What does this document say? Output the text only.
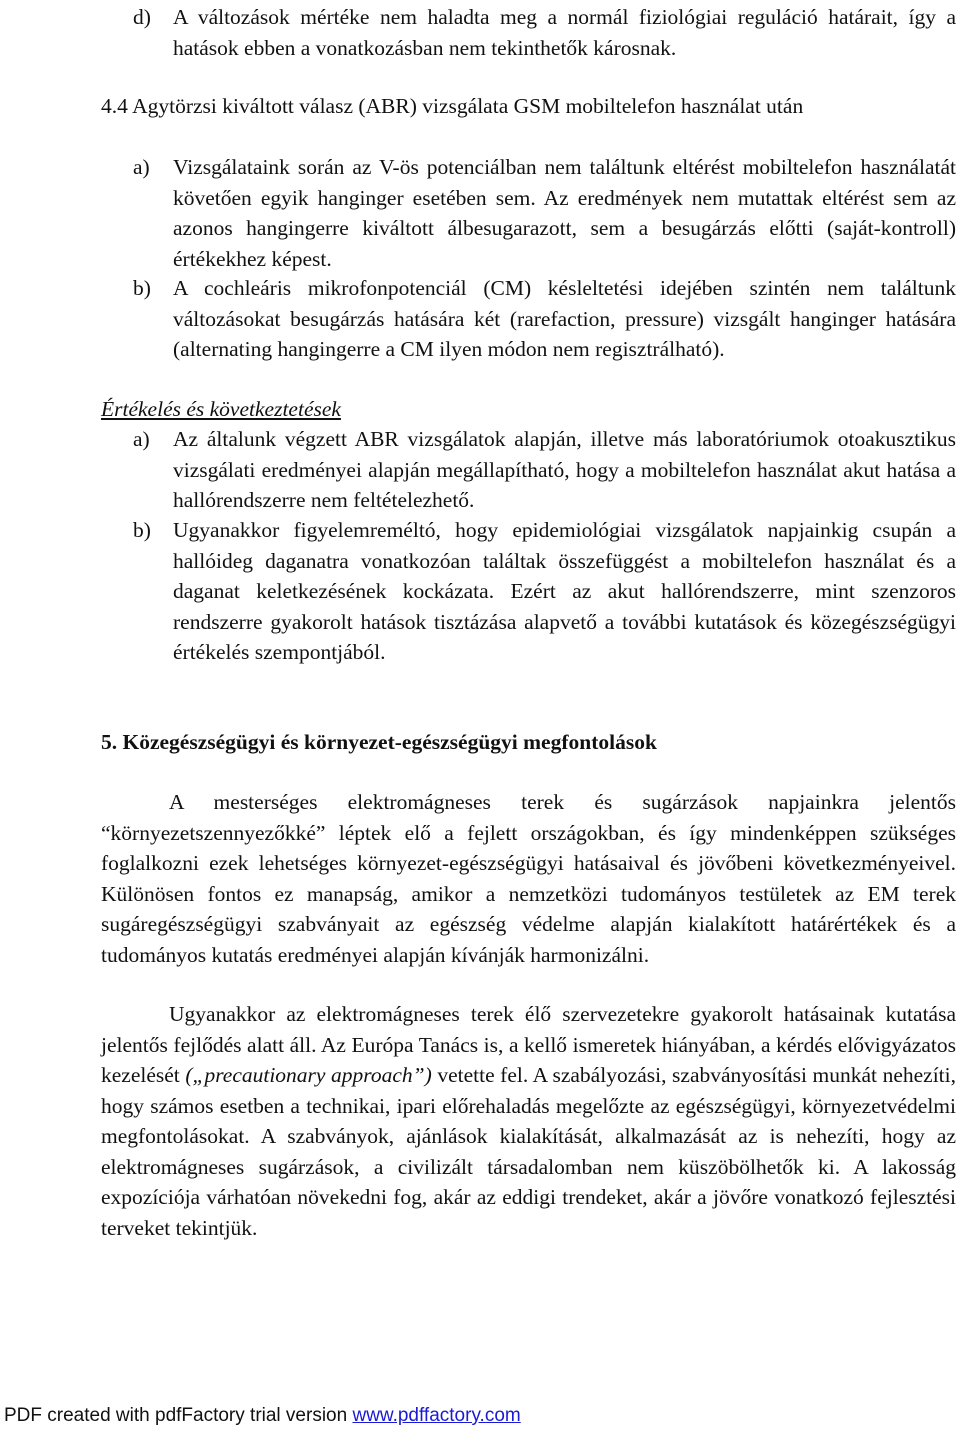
d)	A változások mértéke nem haladta meg a normál fiziológiai reguláció határait, így a hatások ebben a vonatkozásban nem tekinthetők károsnak.
4.4 Agytörzsi kiváltott válasz (ABR) vizsgálata GSM mobiltelefon használat után
a)	Vizsgálataink során az V-ös potenciálban nem találtunk eltérést mobiltelefon használatát követően egyik hanginger esetében sem. Az eredmények nem mutattak eltérést sem az azonos hangingerre kiváltott álbesugarazott, sem a besugárzás előtti (saját-kontroll) értékekhez képest.
b)	A cochleáris mikrofonpotenciál (CM) késleltetési idejében szintén nem találtunk változásokat besugárzás hatására két (rarefaction, pressure) vizsgált hanginger hatására (alternating hangingerre a CM ilyen módon nem regisztrálható).
Értékelés és következtetések
a)	Az általunk végzett ABR vizsgálatok alapján, illetve más laboratóriumok otoakusztikus vizsgálati eredményei alapján megállapítható, hogy a mobiltelefon használat akut hatása a hallórendszerre nem feltételezhető.
b)	Ugyanakkor figyelemreméltó, hogy epidemiológiai vizsgálatok napjainkig csupán a hallóideg daganatra vonatkozóan találtak összefüggést a mobiltelefon használat és a daganat keletkezésének kockázata. Ezért az akut hallórendszerre, mint szenzoros rendszerre gyakorolt hatások tisztázása alapvető a további kutatások és közegészségügyi értékelés szempontjából.
5. Közegészségügyi és környezet-egészségügyi megfontolások

A mesterséges elektromágneses terek és sugárzások napjainkra jelentős “környezetszennyezőkké” léptek elő a fejlett országokban, és így mindenképpen szükséges foglalkozni ezek lehetséges környezet-egészségügyi hatásaival és jövőbeni következményeivel. Különösen fontos ez manapság, amikor a nemzetközi tudományos testületek az EM terek sugáregészségügyi szabványait az egészség védelme alapján kialakított határértékek és a tudományos kutatás eredményei alapján kívánják harmonizálni.

Ugyanakkor az elektromágneses terek élő szervezetekre gyakorolt hatásainak kutatása jelentős fejlődés alatt áll. Az Európa Tanács is, a kellő ismeretek hiányában, a kérdés elővigyázatos kezelését („precautionary approach”) vetette fel. A szabályozási, szabványosítási munkát nehezíti, hogy számos esetben a technikai, ipari előrehaladás megelőzte az egészségügyi, környezetvédelmi megfontolásokat. A szabványok, ajánlások kialakítását, alkalmazását az is nehezíti, hogy az elektromágneses sugárzások, a civilizált társadalomban nem küszöbölhetők ki. A lakosság expozíciója várhatóan növekedni fog, akár az eddigi trendeket, akár a jövőre vonatkozó fejlesztési terveket tekintjük.

PDF created with pdfFactory trial version www.pdffactory.com
